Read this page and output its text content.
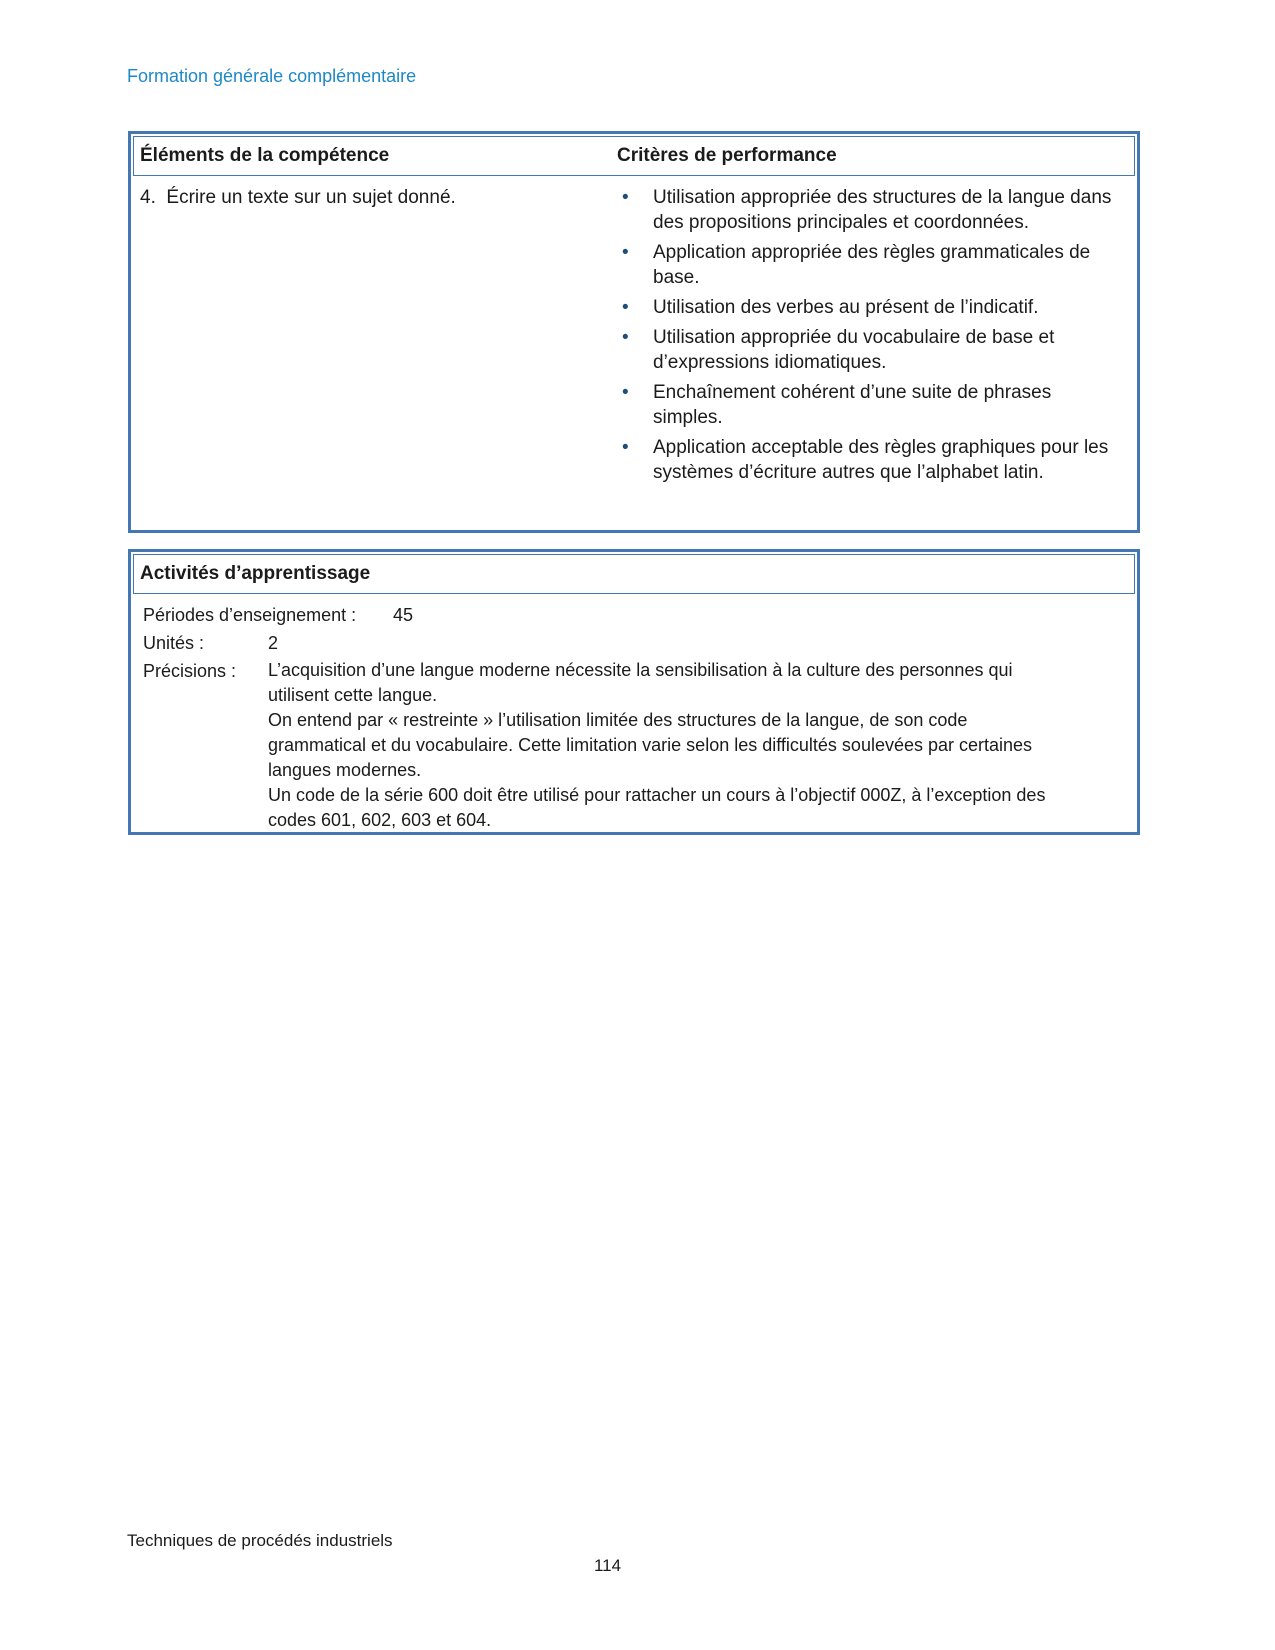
Formation générale complémentaire
Éléments de la compétence	Critères de performance
4.  Écrire un texte sur un sujet donné.	•	Utilisation appropriée des structures de la langue dans des propositions principales et coordonnées.
•	Application appropriée des règles grammaticales de base.
•	Utilisation des verbes au présent de l’indicatif.
•	Utilisation appropriée du vocabulaire de base et d’expressions idiomatiques.
•	Enchaînement cohérent d’une suite de phrases simples.
•	Application acceptable des règles graphiques pour les systèmes d’écriture autres que l’alphabet latin.
Activités d’apprentissage
Périodes d’enseignement :	45
Unités :	2
Précisions :	L’acquisition d’une langue moderne nécessite la sensibilisation à la culture des personnes qui utilisent cette langue.

On entend par « restreinte » l’utilisation limitée des structures de la langue, de son code grammatical et du vocabulaire. Cette limitation varie selon les difficultés soulevées par certaines langues modernes.

Un code de la série 600 doit être utilisé pour rattacher un cours à l’objectif 000Z, à l’exception des codes 601, 602, 603 et 604.

Techniques de procédés industriels
114
